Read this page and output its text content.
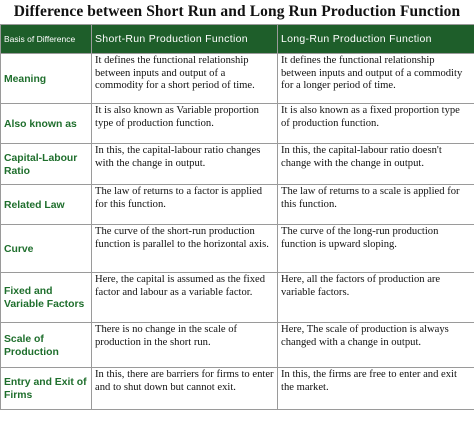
Difference between Short Run and Long Run Production Function
Basis of Difference	Short-Run Production Function	Long-Run Production Function
Meaning	It defines the functional relationship between inputs and output of a commodity for a short period of time.	It defines the functional relationship between inputs and output of a commodity for a longer period of time.
Also known as	It is also known as Variable proportion type of production function.	It is also known as a fixed proportion type of production function.
Capital-Labour Ratio	In this, the capital-labour ratio changes with the change in output.	In this, the capital-labour ratio doesn't change with the change in output.
Related Law	The law of returns to a factor is applied for this function.	The law of returns to a scale is applied for this function.
Curve	The curve of the short-run production function is parallel to the horizontal axis.	The curve of the long-run production function is upward sloping.
Fixed and Variable Factors	Here, the capital is assumed as the fixed factor and labour as a variable factor.	Here, all the factors of production are variable factors.
Scale of Production	There is no change in the scale of production in the short run.	Here, The scale of production is always changed with a change in output.
Entry and Exit of Firms	In this, there are barriers for firms to enter and to shut down but cannot exit.	In this, the firms are free to enter and exit the market.
